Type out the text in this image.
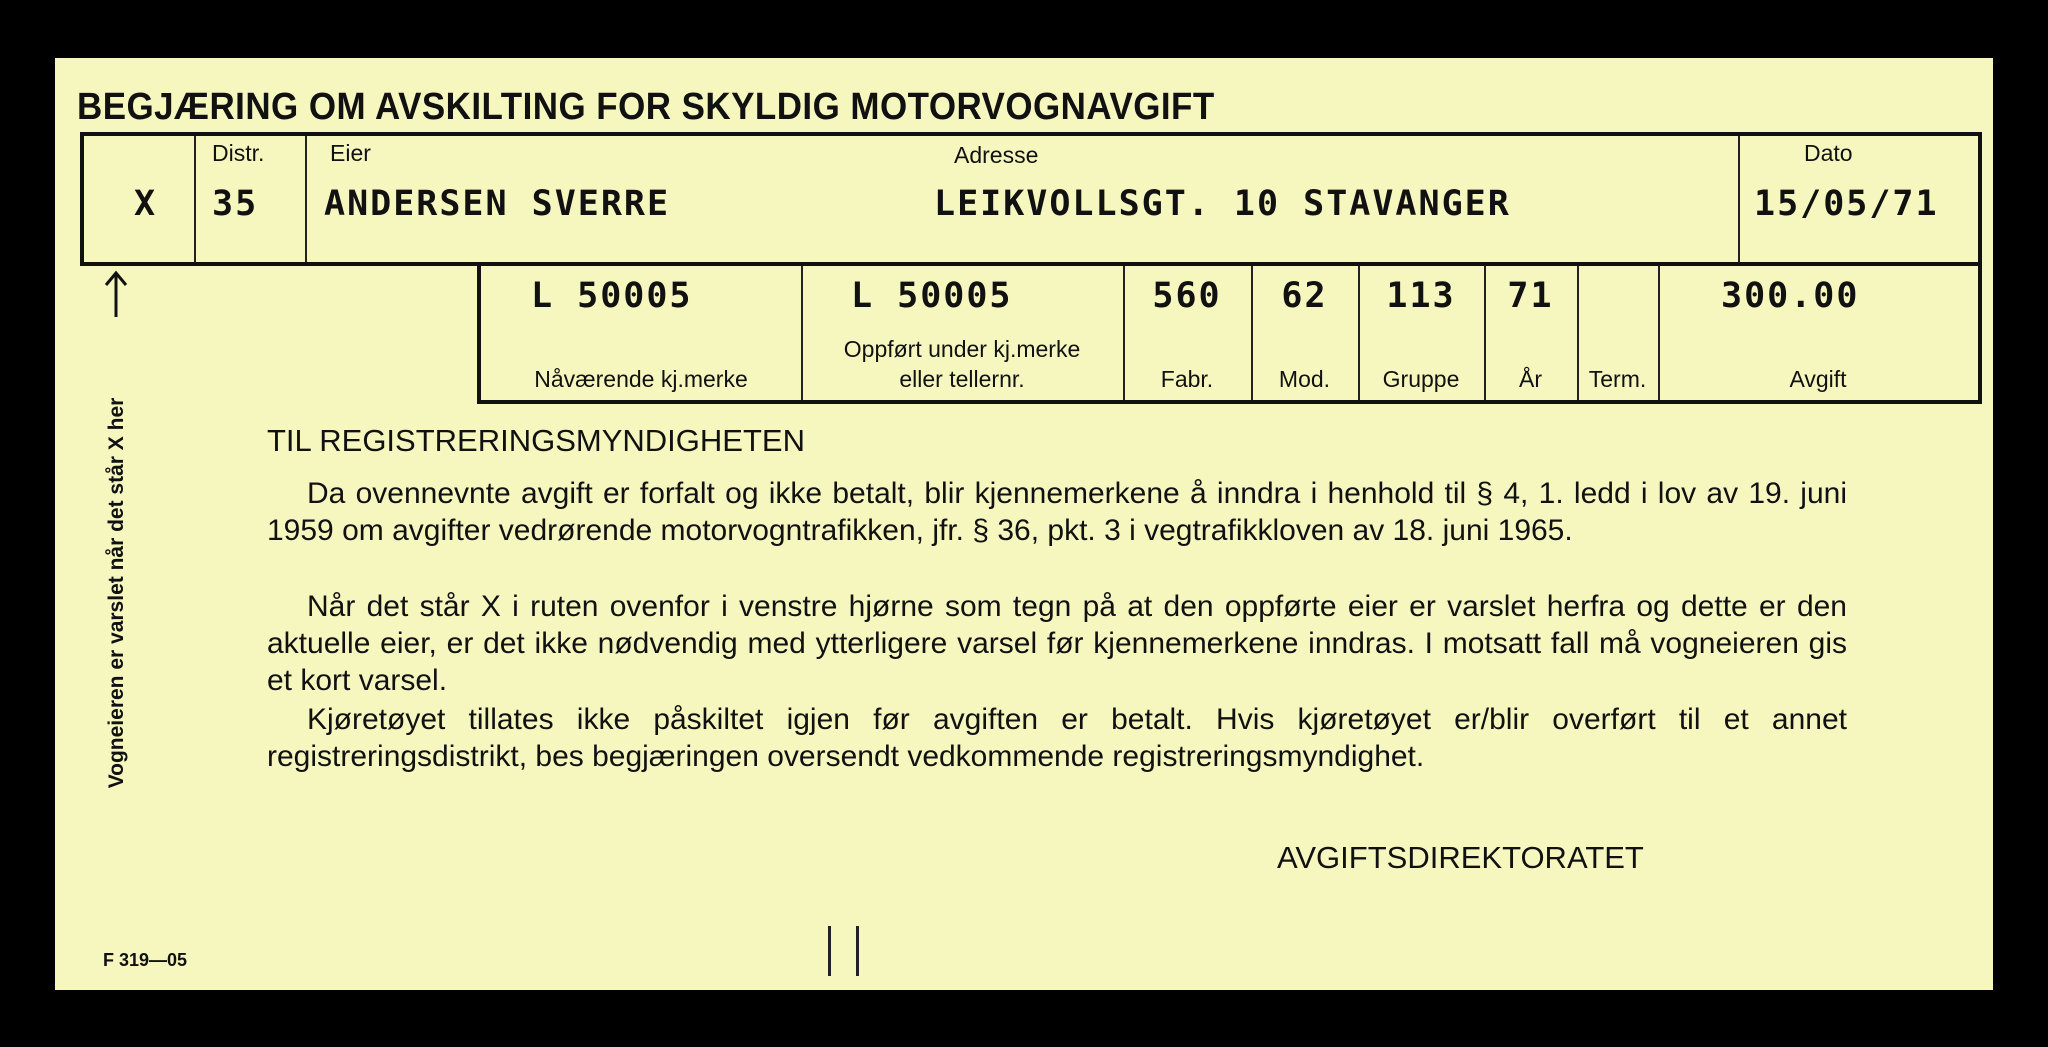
BEGJÆRING OM AVSKILTING FOR SKYLDIG MOTORVOGNAVGIFT
X
Distr.
35
Eier
ANDERSEN SVERRE
Adresse
LEIKVOLLSGT. 10 STAVANGER
Dato
15/05/71
L 50005
Nåværende kj.merke
L 50005
Oppført under kj.merke
eller tellernr.
560
Fabr.
62
Mod.
113
Gruppe
71
År	Term.
300.00
Avgift
Vogneieren er varslet når det står X her	TIL REGISTRERINGSMYNDIGHETEN
Da ovennevnte avgift er forfalt og ikke betalt, blir kjennemerkene å inndra i henhold til § 4, 1. ledd i lov av 19. juni 1959 om avgifter vedrørende motorvogntrafikken, jfr. § 36, pkt. 3 i vegtrafikkloven av 18. juni 1965.
Når det står X i ruten ovenfor i venstre hjørne som tegn på at den oppførte eier er varslet herfra og dette er den aktuelle eier, er det ikke nødvendig med ytterligere varsel før kjennemerkene inndras. I motsatt fall må vogneieren gis et kort varsel.
Kjøretøyet tillates ikke påskiltet igjen før avgiften er betalt. Hvis kjøretøyet er/blir overført til et annet registreringsdistrikt, bes begjæringen oversendt vedkommende registreringsmyndighet.
AVGIFTSDIREKTORATET
F 319—05
